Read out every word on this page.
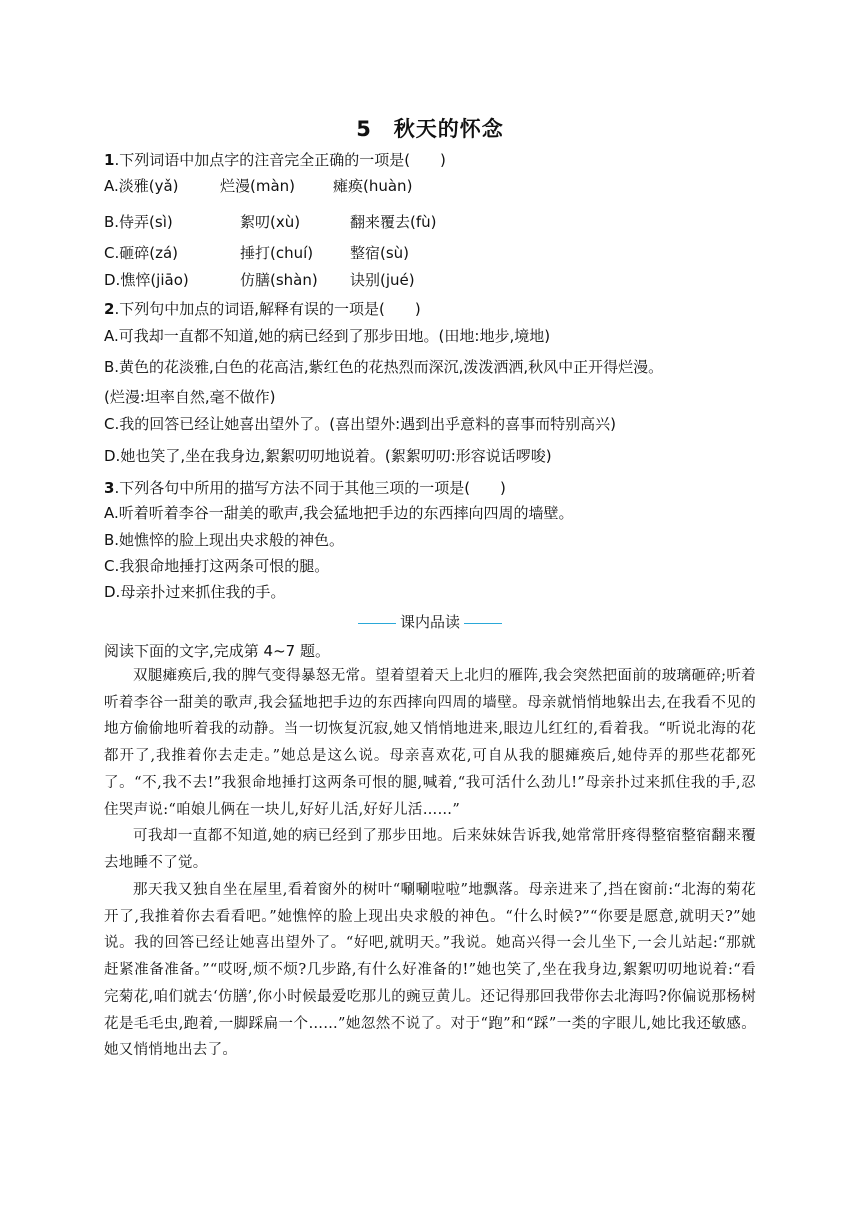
5　秋天的怀念
1.下列词语中加点字的注音完全正确的一项是(　　)
A.淡雅(yǎ)	烂漫(màn)	瘫痪(huàn)
B.侍弄(sì)	絮叨(xù)	翻来覆去(fù)
C.砸碎(zá)	捶打(chuí) 整宿(sù)
D.憔悴(jiāo)	仿膳(shàn) 诀别(jué)
2.下列句中加点的词语,解释有误的一项是(　　)
A.可我却一直都不知道,她的病已经到了那步田地。(田地:地步,境地)
B.黄色的花淡雅,白色的花高洁,紫红色的花热烈而深沉,泼泼洒洒,秋风中正开得烂漫。
(烂漫:坦率自然,毫不做作)
C.我的回答已经让她喜出望外了。(喜出望外:遇到出乎意料的喜事而特别高兴)
D.她也笑了,坐在我身边,絮絮叨叨地说着。(絮絮叨叨:形容说话啰唆)
3.下列各句中所用的描写方法不同于其他三项的一项是(　　)
A.听着听着李谷一甜美的歌声,我会猛地把手边的东西摔向四周的墙壁。
B.她憔悴的脸上现出央求般的神色。
C.我狠命地捶打这两条可恨的腿。
D.母亲扑过来抓住我的手。
课内品读
阅读下面的文字,完成第 4~7 题。
双腿瘫痪后,我的脾气变得暴怒无常。望着望着天上北归的雁阵,我会突然把面前的玻璃砸碎;听着听着李谷一甜美的歌声,我会猛地把手边的东西摔向四周的墙壁。母亲就悄悄地躲出去,在我看不见的地方偷偷地听着我的动静。当一切恢复沉寂,她又悄悄地进来,眼边儿红红的,看着我。“听说北海的花都开了,我推着你去走走。”她总是这么说。母亲喜欢花,可自从我的腿瘫痪后,她侍弄的那些花都死了。“不,我不去!”我狠命地捶打这两条可恨的腿,喊着,“我可活什么劲儿!”母亲扑过来抓住我的手,忍住哭声说:“咱娘儿俩在一块儿,好好儿活,好好儿活……”
可我却一直都不知道,她的病已经到了那步田地。后来妹妹告诉我,她常常肝疼得整宿整宿翻来覆去地睡不了觉。
那天我又独自坐在屋里,看着窗外的树叶“唰唰啦啦”地飘落。母亲进来了,挡在窗前:“北海的菊花开了,我推着你去看看吧。”她憔悴的脸上现出央求般的神色。“什么时候?”“你要是愿意,就明天?”她说。我的回答已经让她喜出望外了。“好吧,就明天。”我说。她高兴得一会儿坐下,一会儿站起:“那就赶紧准备准备。”“哎呀,烦不烦?几步路,有什么好准备的!”她也笑了,坐在我身边,絮絮叨叨地说着:“看完菊花,咱们就去‘仿膳’,你小时候最爱吃那儿的豌豆黄儿。还记得那回我带你去北海吗?你偏说那杨树花是毛毛虫,跑着,一脚踩扁一个……”她忽然不说了。对于“跑”和“踩”一类的字眼儿,她比我还敏感。她又悄悄地出去了。
